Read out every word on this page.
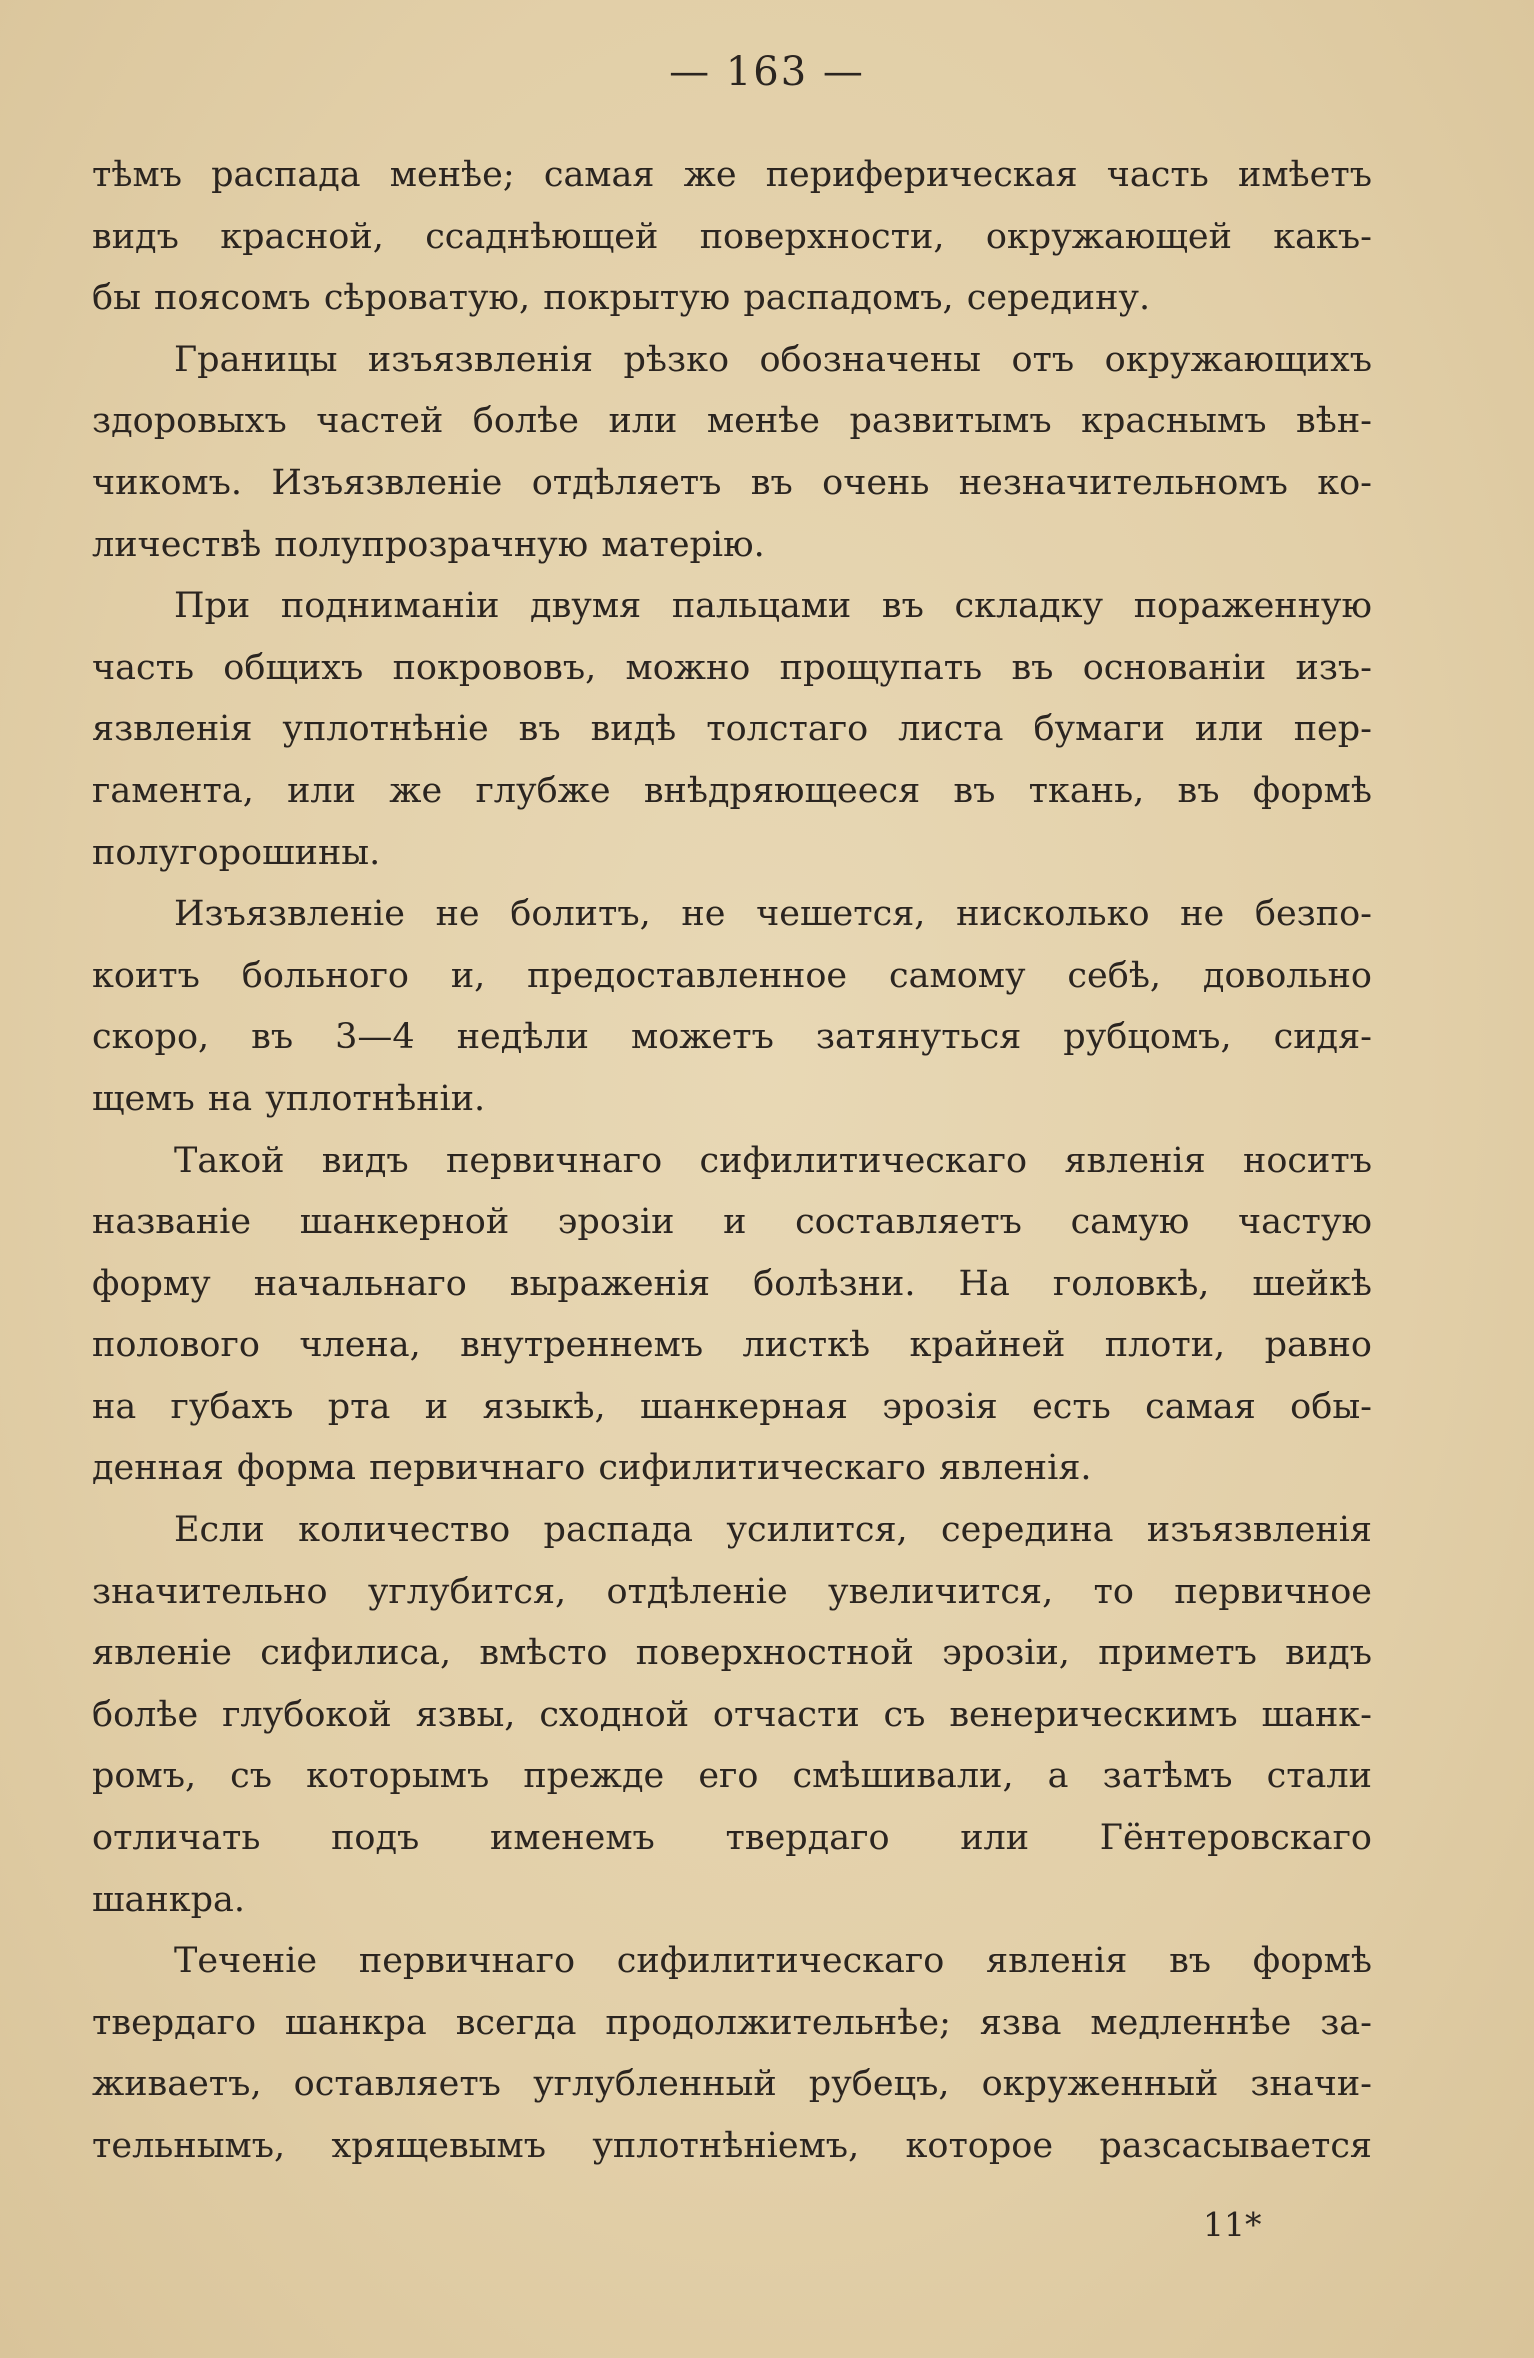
— 163 —
тѣмъ распада менѣе; самая же периферическая часть имѣетъ
видъ красной, ссаднѣющей поверхности, окружающей какъ-
бы поясомъ сѣроватую, покрытую распадомъ, середину.
Границы изъязвленія рѣзко обозначены отъ окружающихъ
здоровыхъ частей болѣе или менѣе развитымъ краснымъ вѣн-
чикомъ. Изъязвленіе отдѣляетъ въ очень незначительномъ ко-
личествѣ полупрозрачную матерію.
При подниманіи двумя пальцами въ складку пораженную
часть общихъ покрововъ, можно прощупать въ основаніи изъ-
язвленія уплотнѣніе въ видѣ толстаго листа бумаги или пер-
гамента, или же глубже внѣдряющееся въ ткань, въ формѣ
полугорошины.
Изъязвленіе не болитъ, не чешется, нисколько не безпо-
коитъ больного и, предоставленное самому себѣ, довольно
скоро, въ 3—4 недѣли можетъ затянуться рубцомъ, сидя-
щемъ на уплотнѣніи.
Такой видъ первичнаго сифилитическаго явленія носитъ
названіе шанкерной эрозіи и составляетъ самую частую
форму начальнаго выраженія болѣзни. На головкѣ, шейкѣ
полового члена, внутреннемъ листкѣ крайней плоти, равно
на губахъ рта и языкѣ, шанкерная эрозія есть самая обы-
денная форма первичнаго сифилитическаго явленія.
Если количество распада усилится, середина изъязвленія
значительно углубится, отдѣленіе увеличится, то первичное
явленіе сифилиса, вмѣсто поверхностной эрозіи, приметъ видъ
болѣе глубокой язвы, сходной отчасти съ венерическимъ шанк-
ромъ, съ которымъ прежде его смѣшивали, а затѣмъ стали
отличать подъ именемъ твердаго или Гёнтеровскаго
шанкра.
Теченіе первичнаго сифилитическаго явленія въ формѣ
твердаго шанкра всегда продолжительнѣе; язва медленнѣе за-
живаетъ, оставляетъ углубленный рубецъ, окруженный значи-
тельнымъ, хрящевымъ уплотнѣніемъ, которое разсасывается
11*
